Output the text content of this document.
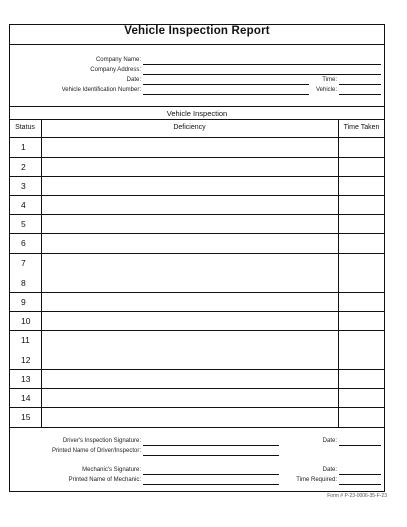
Vehicle Inspection Report
Company Name:
Company Address:
Date:	Time:
Vehicle Identification Number:	Vehicle:
Vehicle Inspection
Status	Deficiency	Time Taken
1
2
3
4
5
6
7
8
9
10
11
12
13
14
15
Driver's Inspection Signature:	Date:
Printed Name of Driver/Inspector:
Mechanic's Signature:	Date:
Printed Name of Mechanic:	Time Required:
Form # P-23-0006-35-F-23
